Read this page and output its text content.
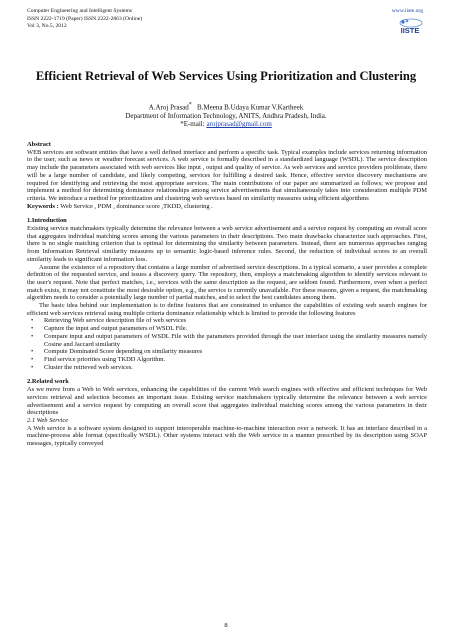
Computer Engineering and Intelligent Systems
ISSN 2222-1719 (Paper) ISSN 2222-2863 (Online)
Vol 3, No.5, 2012
www.iiste.org
IISTE
Efficient Retrieval of Web Services Using Prioritization and Clustering
A.Aroj Prasad* B.Meena B.Udaya Kumar V.Kartheek
Department of Information Technology, ANITS, Andhra Pradesh, India.
*E-mail: arojprasad@gmail.com

Abstract

WEB services are software entities that have a well defined interface and perform a specific task. Typical examples include services returning information to the user, such as news or weather forecast services. A web service is formally described in a standardized language (WSDL). The service description may include the parameters associated with web services like input , output and quality of service. As web services and service providers proliferate, there will be a large number of candidate, and likely competing, services for fulfilling a desired task. Hence, effective service discovery mechanisms are required for identifying and retrieving the most appropriate services. The main contributions of our paper are summarized as follows; we propose and implement a method for determining dominance relationships among service advertisements that simultaneously takes into consideration multiple PDM criteria. We introduce a method for prioritization and clustering web services based on similarity measures using efficient algorithms

Keywords : Web Service , PDM , dominance score ,TKDD, clustering .

1.Introduction

Existing service matchmakers typically determine the relevance between a web service advertisement and a service request by computing an overall score that aggregates individual matching scores among the various parameters in their descriptions. Two main drawbacks characterize such approaches. First, there is no single matching criterion that is optimal for determining the similarity between parameters. Instead, there are numerous approaches ranging from Information Retrieval similarity measures up to semantic logic-based inference rules. Second, the reduction of individual scores to an overall similarity leads to significant information loss.

Assume the existence of a repository that contains a large number of advertised service descriptions. In a typical scenario, a user provides a complete definition of the requested service, and issues a discovery query. The repository, then, employs a matchmaking algorithm to identify services relevant to the user's request. Note that perfect matches, i.e., services with the same description as the request, are seldom found. Furthermore, even when a perfect match exists, it may not constitute the most desirable option, e.g., the service is currently unavailable. For these reasons, given a request, the matchmaking algorithm needs to consider a potentially large number of partial matches, and to select the best candidates among them.

The basic idea behind our implementation is to define features that are constrained to enhance the capabilities of existing web search engines for efficient web services retrieval using multiple criteria dominance relationship which is limited to provide the following features

• Retrieving Web service description file of web services
• Capture the input and output parameters of WSDL File.
• Compare input and output parameters of WSDL File with the parameters provided through the user interface using the similarity measures namely Cosine and Jaccard similarity
• Compute Dominated Score depending on similarity measures
• Find service priorities using TKDD Algorithm.
• Cluster the retrieved web services.

2.Related work

As we move from a Web to Web services, enhancing the capabilities of the current Web search engines with effective and efficient techniques for Web services retrieval and selection becomes an important issue. Existing service matchmakers typically determine the relevance between a web service advertisement and a service request by computing an overall score that aggregates individual matching scores among the various parameters in their descriptions

2.1 Web Service

A Web service is a software system designed to support interoperable machine-to-machine interaction over a network. It has an interface described in a machine-process able format (specifically WSDL). Other systems interact with the Web service in a manner prescribed by its description using SOAP messages, typically conveyed

8
